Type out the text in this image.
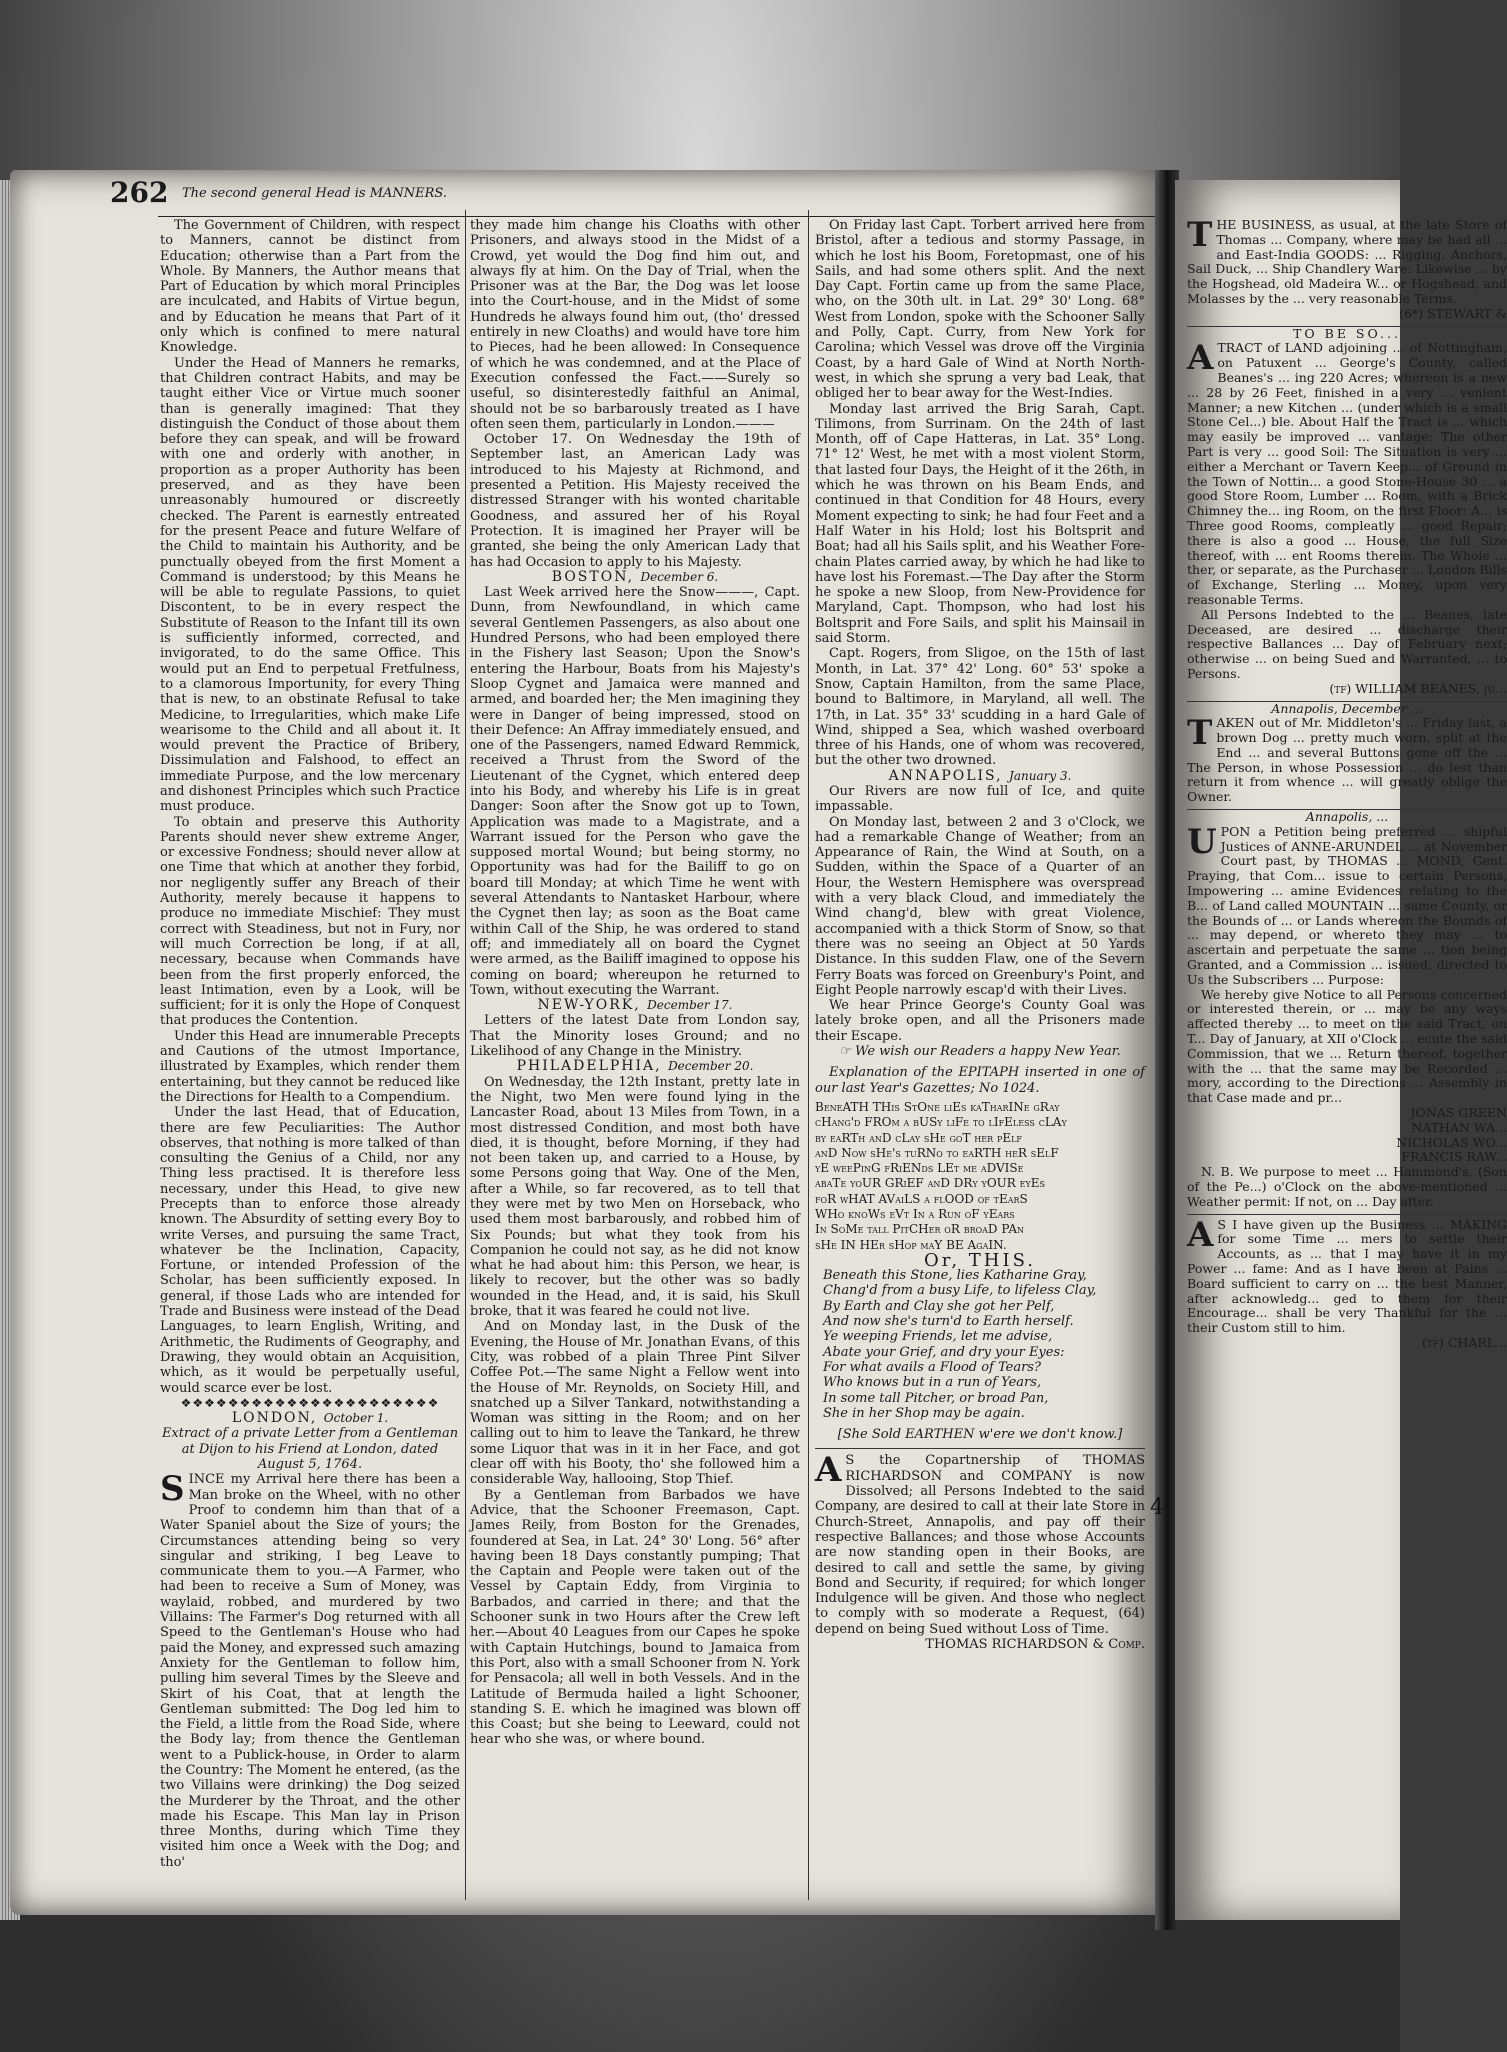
262 The second general Head is MANNERS.

The Government of Children, with respect to Manners, cannot be distinct from Education; otherwise than a Part from the Whole. By Manners, the Author means that Part of Education by which moral Principles are inculcated, and Habits of Virtue begun, and by Education he means that Part of it only which is confined to mere natural Knowledge.

Under the Head of Manners he remarks, that Children contract Habits, and may be taught either Vice or Virtue much sooner than is generally imagined: That they distinguish the Conduct of those about them before they can speak, and will be froward with one and orderly with another, in proportion as a proper Authority has been preserved, and as they have been unreasonably humoured or discreetly checked. The Parent is earnestly entreated for the present Peace and future Welfare of the Child to maintain his Authority, and be punctually obeyed from the first Moment a Command is understood; by this Means he will be able to regulate Passions, to quiet Discontent, to be in every respect the Substitute of Reason to the Infant till its own is sufficiently informed, corrected, and invigorated, to do the same Office. This would put an End to perpetual Fretfulness, to a clamorous Importunity, for every Thing that is new, to an obstinate Refusal to take Medicine, to Irregularities, which make Life wearisome to the Child and all about it. It would prevent the Practice of Bribery, Dissimulation and Falshood, to effect an immediate Purpose, and the low mercenary and dishonest Principles which such Practice must produce.

To obtain and preserve this Authority Parents should never shew extreme Anger, or excessive Fondness; should never allow at one Time that which at another they forbid, nor negligently suffer any Breach of their Authority, merely because it happens to produce no immediate Mischief: They must correct with Steadiness, but not in Fury, nor will much Correction be long, if at all, necessary, because when Commands have been from the first properly enforced, the least Intimation, even by a Look, will be sufficient; for it is only the Hope of Conquest that produces the Contention.

Under this Head are innumerable Precepts and Cautions of the utmost Importance, illustrated by Examples, which render them entertaining, but they cannot be reduced like the Directions for Health to a Compendium.

Under the last Head, that of Education, there are few Peculiarities: The Author observes, that nothing is more talked of than consulting the Genius of a Child, nor any Thing less practised. It is therefore less necessary, under this Head, to give new Precepts than to enforce those already known. The Absurdity of setting every Boy to write Verses, and pursuing the same Tract, whatever be the Inclination, Capacity, Fortune, or intended Profession of the Scholar, has been sufficiently exposed. In general, if those Lads who are intended for Trade and Business were instead of the Dead Languages, to learn English, Writing, and Arithmetic, the Rudiments of Geography, and Drawing, they would obtain an Acquisition, which, as it would be perpetually useful, would scarce ever be lost.

❖❖❖❖❖❖❖❖❖❖❖❖❖❖❖❖❖❖❖❖❖❖

LONDON, October 1.

Extract of a private Letter from a Gentleman at Dijon to his Friend at London, dated August 5, 1764.

SINCE my Arrival here there has been a Man broke on the Wheel, with no other Proof to condemn him than that of a Water Spaniel about the Size of yours; the Circumstances attending being so very singular and striking, I beg Leave to communicate them to you.—A Farmer, who had been to receive a Sum of Money, was waylaid, robbed, and murdered by two Villains: The Farmer's Dog returned with all Speed to the Gentleman's House who had paid the Money, and expressed such amazing Anxiety for the Gentleman to follow him, pulling him several Times by the Sleeve and Skirt of his Coat, that at length the Gentleman submitted: The Dog led him to the Field, a little from the Road Side, where the Body lay; from thence the Gentleman went to a Publick-house, in Order to alarm the Country: The Moment he entered, (as the two Villains were drinking) the Dog seized the Murderer by the Throat, and the other made his Escape. This Man lay in Prison three Months, during which Time they visited him once a Week with the Dog; and tho'

they made him change his Cloaths with other Prisoners, and always stood in the Midst of a Crowd, yet would the Dog find him out, and always fly at him. On the Day of Trial, when the Prisoner was at the Bar, the Dog was let loose into the Court-house, and in the Midst of some Hundreds he always found him out, (tho' dressed entirely in new Cloaths) and would have tore him to Pieces, had he been allowed: In Consequence of which he was condemned, and at the Place of Execution confessed the Fact.——Surely so useful, so disinterestedly faithful an Animal, should not be so barbarously treated as I have often seen them, particularly in London.———

October 17. On Wednesday the 19th of September last, an American Lady was introduced to his Majesty at Richmond, and presented a Petition. His Majesty received the distressed Stranger with his wonted charitable Goodness, and assured her of his Royal Protection. It is imagined her Prayer will be granted, she being the only American Lady that has had Occasion to apply to his Majesty.

BOSTON, December 6.

Last Week arrived here the Snow———, Capt. Dunn, from Newfoundland, in which came several Gentlemen Passengers, as also about one Hundred Persons, who had been employed there in the Fishery last Season; Upon the Snow's entering the Harbour, Boats from his Majesty's Sloop Cygnet and Jamaica were manned and armed, and boarded her; the Men imagining they were in Danger of being impressed, stood on their Defence: An Affray immediately ensued, and one of the Passengers, named Edward Remmick, received a Thrust from the Sword of the Lieutenant of the Cygnet, which entered deep into his Body, and whereby his Life is in great Danger: Soon after the Snow got up to Town, Application was made to a Magistrate, and a Warrant issued for the Person who gave the supposed mortal Wound; but being stormy, no Opportunity was had for the Bailiff to go on board till Monday; at which Time he went with several Attendants to Nantasket Harbour, where the Cygnet then lay; as soon as the Boat came within Call of the Ship, he was ordered to stand off; and immediately all on board the Cygnet were armed, as the Bailiff imagined to oppose his coming on board; whereupon he returned to Town, without executing the Warrant.

NEW-YORK, December 17.

Letters of the latest Date from London say, That the Minority loses Ground; and no Likelihood of any Change in the Ministry.

PHILADELPHIA, December 20.

On Wednesday, the 12th Instant, pretty late in the Night, two Men were found lying in the Lancaster Road, about 13 Miles from Town, in a most distressed Condition, and most both have died, it is thought, before Morning, if they had not been taken up, and carried to a House, by some Persons going that Way. One of the Men, after a While, so far recovered, as to tell that they were met by two Men on Horseback, who used them most barbarously, and robbed him of Six Pounds; but what they took from his Companion he could not say, as he did not know what he had about him: this Person, we hear, is likely to recover, but the other was so badly wounded in the Head, and, it is said, his Skull broke, that it was feared he could not live.

And on Monday last, in the Dusk of the Evening, the House of Mr. Jonathan Evans, of this City, was robbed of a plain Three Pint Silver Coffee Pot.—The same Night a Fellow went into the House of Mr. Reynolds, on Society Hill, and snatched up a Silver Tankard, notwithstanding a Woman was sitting in the Room; and on her calling out to him to leave the Tankard, he threw some Liquor that was in it in her Face, and got clear off with his Booty, tho' she followed him a considerable Way, hallooing, Stop Thief.

By a Gentleman from Barbados we have Advice, that the Schooner Freemason, Capt. James Reily, from Boston for the Grenades, foundered at Sea, in Lat. 24° 30' Long. 56° after having been 18 Days constantly pumping; That the Captain and People were taken out of the Vessel by Captain Eddy, from Virginia to Barbados, and carried in there; and that the Schooner sunk in two Hours after the Crew left her.—About 40 Leagues from our Capes he spoke with Captain Hutchings, bound to Jamaica from this Port, also with a small Schooner from N. York for Pensacola; all well in both Vessels. And in the Latitude of Bermuda hailed a light Schooner, standing S. E. which he imagined was blown off this Coast; but she being to Leeward, could not hear who she was, or where bound.

On Friday last Capt. Torbert arrived here from Bristol, after a tedious and stormy Passage, in which he lost his Boom, Foretopmast, one of his Sails, and had some others split. And the next Day Capt. Fortin came up from the same Place, who, on the 30th ult. in Lat. 29° 30' Long. 68° West from London, spoke with the Schooner Sally and Polly, Capt. Curry, from New York for Carolina; which Vessel was drove off the Virginia Coast, by a hard Gale of Wind at North North-west, in which she sprung a very bad Leak, that obliged her to bear away for the West-Indies.

Monday last arrived the Brig Sarah, Capt. Tilimons, from Surrinam. On the 24th of last Month, off of Cape Hatteras, in Lat. 35° Long. 71° 12' West, he met with a most violent Storm, that lasted four Days, the Height of it the 26th, in which he was thrown on his Beam Ends, and continued in that Condition for 48 Hours, every Moment expecting to sink; he had four Feet and a Half Water in his Hold; lost his Boltsprit and Boat; had all his Sails split, and his Weather Fore-chain Plates carried away, by which he had like to have lost his Foremast.—The Day after the Storm he spoke a new Sloop, from New-Providence for Maryland, Capt. Thompson, who had lost his Boltsprit and Fore Sails, and split his Mainsail in said Storm.

Capt. Rogers, from Sligoe, on the 15th of last Month, in Lat. 37° 42' Long. 60° 53' spoke a Snow, Captain Hamilton, from the same Place, bound to Baltimore, in Maryland, all well. The 17th, in Lat. 35° 33' scudding in a hard Gale of Wind, shipped a Sea, which washed overboard three of his Hands, one of whom was recovered, but the other two drowned.

ANNAPOLIS, January 3.

Our Rivers are now full of Ice, and quite impassable.

On Monday last, between 2 and 3 o'Clock, we had a remarkable Change of Weather; from an Appearance of Rain, the Wind at South, on a Sudden, within the Space of a Quarter of an Hour, the Western Hemisphere was overspread with a very black Cloud, and immediately the Wind chang'd, blew with great Violence, accompanied with a thick Storm of Snow, so that there was no seeing an Object at 50 Yards Distance. In this sudden Flaw, one of the Severn Ferry Boats was forced on Greenbury's Point, and Eight People narrowly escap'd with their Lives.

We hear Prince George's County Goal was lately broke open, and all the Prisoners made their Escape.

☞ We wish our Readers a happy New Year.

Explanation of the EPITAPH inserted in one of our last Year's Gazettes; No 1024.

BeneATH THis StOne liEs kaTharINe gRay

cHang'd FROm a bUSy liFe to lIfEless cLAy

by eaRTh anD cLay sHe goT her pElf

anD Now sHe's tuRNo to eaRTH heR sElF

yE weePinG fRiENds LEt me aDVISe

abaTe yoUR GRiEF anD DRy yOUR eyEs

foR wHAT AVaiLS a flOOD of tEarS

WHo knoWs eVt In a Run oF yEars

In SoMe tall PitCHer oR broaD PAn

sHe IN HEr sHop maY BE AgaIN.

Or, THIS.

Beneath this Stone, lies Katharine Gray,

Chang'd from a busy Life, to lifeless Clay,

By Earth and Clay she got her Pelf,

And now she's turn'd to Earth herself.

Ye weeping Friends, let me advise,

Abate your Grief, and dry your Eyes:

For what avails a Flood of Tears?

Who knows but in a run of Years,

In some tall Pitcher, or broad Pan,

She in her Shop may be again.

[She Sold EARTHEN w'ere we don't know.]

A S the Copartnership of THOMAS RICHARDSON and COMPANY is now Dissolved; all Persons Indebted to the said Company, are desired to call at their late Store in Church-Street, Annapolis, and pay off their respective Ballances; and those whose Accounts are now standing open in their Books, are desired to call and settle the same, by giving Bond and Security, if required; for which longer Indulgence will be given. And those who neglect to comply with so moderate a Request, (64) depend on being Sued without Loss of Time.

THOMAS RICHARDSON & Comp.

4

THE BUSINESS, as usual, at the late Store of Thomas ... Company, where may be had all ... and East-India GOODS: ... Rigging, Anchors, Sail Duck, ... Ship Chandlery Ware: Likewise ... by the Hogshead, old Madeira W... or Hogshead, and Molasses by the ... very reasonable Terms.

(6*) STEWART &

TO BE SO...

ATRACT of LAND adjoining ... of Nottingham, on Patuxent ... George's County, called Beanes's ... ing 220 Acres; whereon is a new ... 28 by 26 Feet, finished in a very ... venient Manner; a new Kitchen ... (under which is a small Stone Cel...) ble. About Half the Tract is ... which may easily be improved ... vantage: The other Part is very ... good Soil: The Situation is very ... either a Merchant or Tavern Keep... of Ground in the Town of Nottin... a good Stone-House 30 ... a good Store Room, Lumber ... Room, with a Brick Chimney the... ing Room, on the first Floor: A... is Three good Rooms, compleatly ... good Repair; there is also a good ... House, the full Size thereof, with ... ent Rooms therein. The Whole ... ther, or separate, as the Purchaser ... London Bills of Exchange, Sterling ... Money, upon very reasonable Terms.

All Persons Indebted to the ... Beanes, late Deceased, are desired ... discharge their respective Ballances ... Day of February next; otherwise ... on being Sued and Warranted, ... to Persons.

(tf) WILLIAM BEANES, ju...

Annapolis, December ...

TAKEN out of Mr. Middleton's ... Friday last, a brown Dog ... pretty much worn, split at the End ... and several Buttons gone off the ... The Person, in whose Possession ... do lest than return it from whence ... will greatly oblige the Owner.

Annapolis, ...

UPON a Petition being preferred ... shipful Justices of ANNE-ARUNDEL ... at November Court past, by THOMAS ... MOND, Gent. Praying, that Com... issue to certain Persons, Impowering ... amine Evidences relating to the B... of Land called MOUNTAIN ... same County, or the Bounds of ... or Lands whereon the Bounds of ... may depend, or whereto they may ... to ascertain and perpetuate the same ... tion being Granted, and a Commission ... issued, directed to Us the Subscribers ... Purpose:

We hereby give Notice to all Persons concerned or interested therein, or ... may be any ways affected thereby ... to meet on the said Tract, on T... Day of January, at XII o'Clock ... ecute the said Commission, that we ... Return thereof, together with the ... that the same may be Recorded ... mory, according to the Directions ... Assembly in that Case made and pr...

JONAS GREEN

NATHAN WA...

NICHOLAS WO...

FRANCIS RAW...

N. B. We purpose to meet ... Hammond's, (Son of the Pe...) o'Clock on the above-mentioned ... Weather permit: If not, on ... Day after.

A S I have given up the Business ... MAKING for some Time ... mers to settle their Accounts, as ... that I may have it in my Power ... fame: And as I have been at Pains ... Board sufficient to carry on ... the best Manner, after acknowledg... ged to them for their Encourage... shall be very Thankful for the ... their Custom still to him.

(tf) CHARL...
